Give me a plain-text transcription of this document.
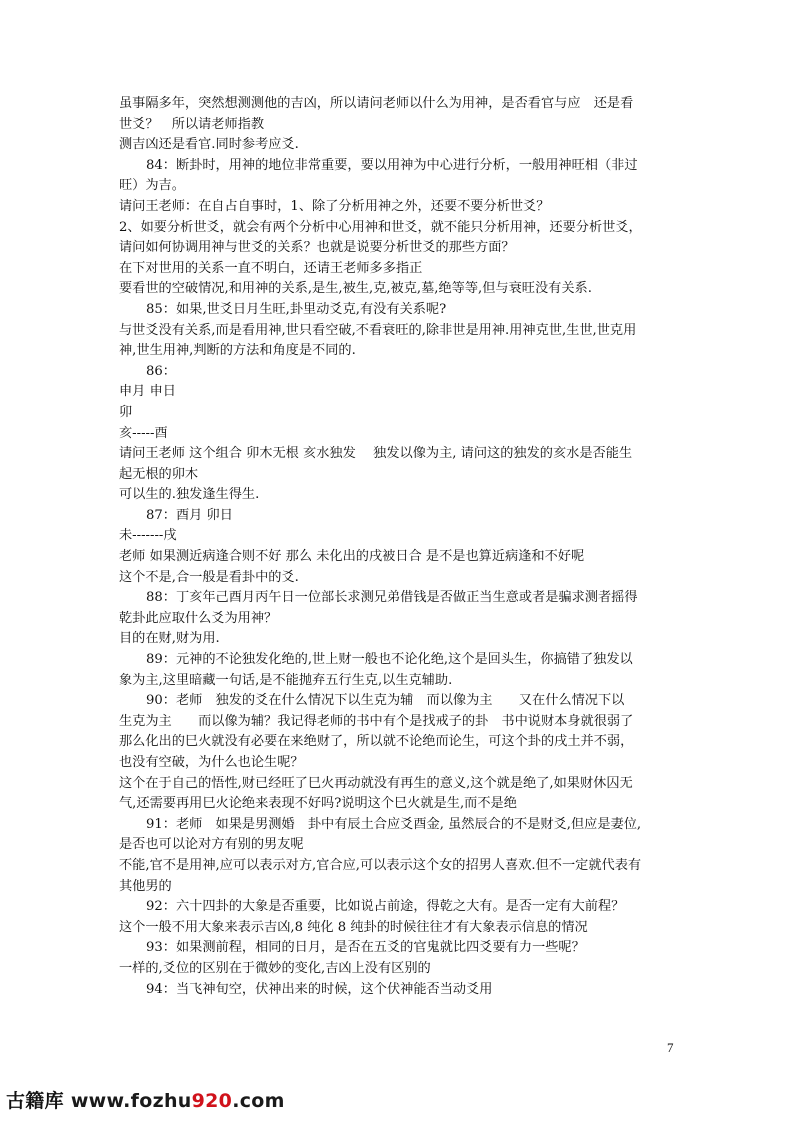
虽事隔多年，突然想测测他的吉凶，所以请问老师以什么为用神，是否看官与应　还是看

世爻？　所以请老师指教

测吉凶还是看官.同时参考应爻.

84：断卦时，用神的地位非常重要，要以用神为中心进行分析，一般用神旺相（非过

旺）为吉。

请问王老师：在自占自事时，1、除了分析用神之外，还要不要分析世爻？

2、如要分析世爻，就会有两个分析中心用神和世爻，就不能只分析用神，还要分析世爻，

请问如何协调用神与世爻的关系？也就是说要分析世爻的那些方面？

在下对世用的关系一直不明白，还请王老师多多指正

要看世的空破情况,和用神的关系,是生,被生,克,被克,墓,绝等等,但与衰旺没有关系.

85：如果,世爻日月生旺,卦里动爻克,有没有关系呢?

与世爻没有关系,而是看用神,世只看空破,不看衰旺的,除非世是用神.用神克世,生世,世克用

神,世生用神,判断的方法和角度是不同的.

86：

申月 申日

卯

亥-----酉

请问王老师 这个组合 卯木无根 亥水独发　 独发以像为主, 请问这的独发的亥水是否能生

起无根的卯木

可以生的.独发逢生得生.

87：酉月 卯日

未-------戌

老师 如果测近病逢合则不好 那么 未化出的戌被日合 是不是也算近病逢和不好呢

这个不是,合一般是看卦中的爻.

88：丁亥年己酉月丙午日一位部长求测兄弟借钱是否做正当生意或者是骗求测者摇得

乾卦此应取什么爻为用神？

目的在财,财为用.

89：元神的不论独发化绝的,世上财一般也不论化绝,这个是回头生，你搞错了独发以

象为主,这里暗藏一句话,是不能抛弃五行生克,以生克辅助.

90：老师　独发的爻在什么情况下以生克为辅　而以像为主　　又在什么情况下以

生克为主　　而以像为辅？我记得老师的书中有个是找戒子的卦　书中说财本身就很弱了

那么化出的巳火就没有必要在来绝财了，所以就不论绝而论生，可这个卦的戌土并不弱，

也没有空破，为什么也论生呢？

这个在于自己的悟性,财已经旺了巳火再动就没有再生的意义,这个就是绝了,如果财休囚无

气,还需要再用巳火论绝来表现不好吗?说明这个巳火就是生,而不是绝

91：老师　如果是男测婚　卦中有辰土合应爻酉金, 虽然辰合的不是财爻,但应是妻位,

是否也可以论对方有别的男友呢

不能,官不是用神,应可以表示对方,官合应,可以表示这个女的招男人喜欢.但不一定就代表有

其他男的

92：六十四卦的大象是否重要，比如说占前途，得乾之大有。是否一定有大前程？

这个一般不用大象来表示吉凶,8 纯化 8 纯卦的时候往往才有大象表示信息的情况

93：如果测前程，相同的日月，是否在五爻的官鬼就比四爻要有力一些呢？

一样的,爻位的区别在于微妙的变化,吉凶上没有区别的

94：当飞神旬空，伏神出来的时候，这个伏神能否当动爻用

7
古籍库 www.fozhu920.com
